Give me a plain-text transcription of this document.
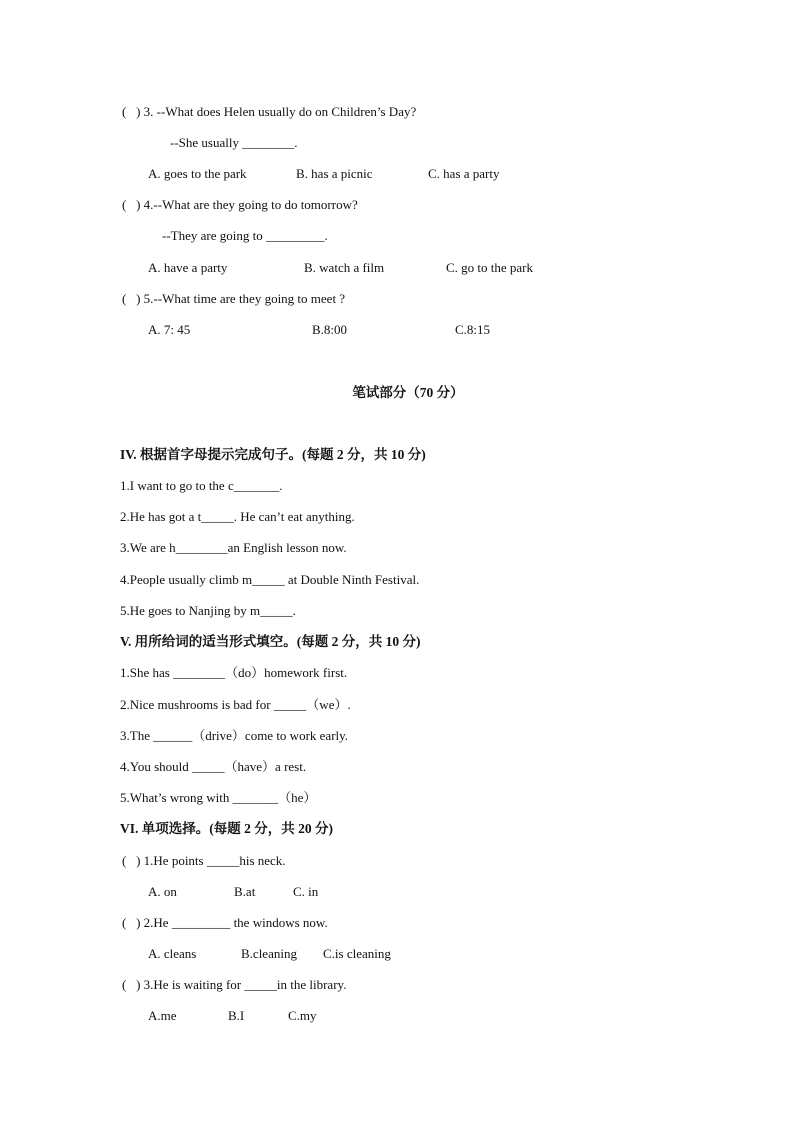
(   ) 3. --What does Helen usually do on Children’s Day?
--She usually ________.
A. goes to the park	B. has a picnic	C. has a party
(   ) 4.--What are they going to do tomorrow?
--They are going to _________.
A. have a party	B. watch a film	C. go to the park
(   ) 5.--What time are they going to meet ?
A. 7: 45	B.8:00	C.8:15
笔试部分（70 分）
IV. 根据首字母提示完成句子。(每题 2 分，共 10 分)
1.I want to go to the c_______.
2.He has got a t_____. He can’t eat anything.
3.We are h________an English lesson now.
4.People usually climb m_____ at Double Ninth Festival.
5.He goes to Nanjing by m_____.
V. 用所给词的适当形式填空。(每题 2 分，共 10 分)
1.She has ________（do）homework first.
2.Nice mushrooms is bad for _____（we）.
3.The ______（drive）come to work early.
4.You should _____（have）a rest.
5.What’s wrong with _______（he）
VI. 单项选择。(每题 2 分，共 20 分)
(   ) 1.He points _____his neck.
A. on	B.at	C. in
(   ) 2.He _________ the windows now.
A. cleans	B.cleaning C.is cleaning
(   ) 3.He is waiting for _____in the library.
A.me	B.I	C.my
